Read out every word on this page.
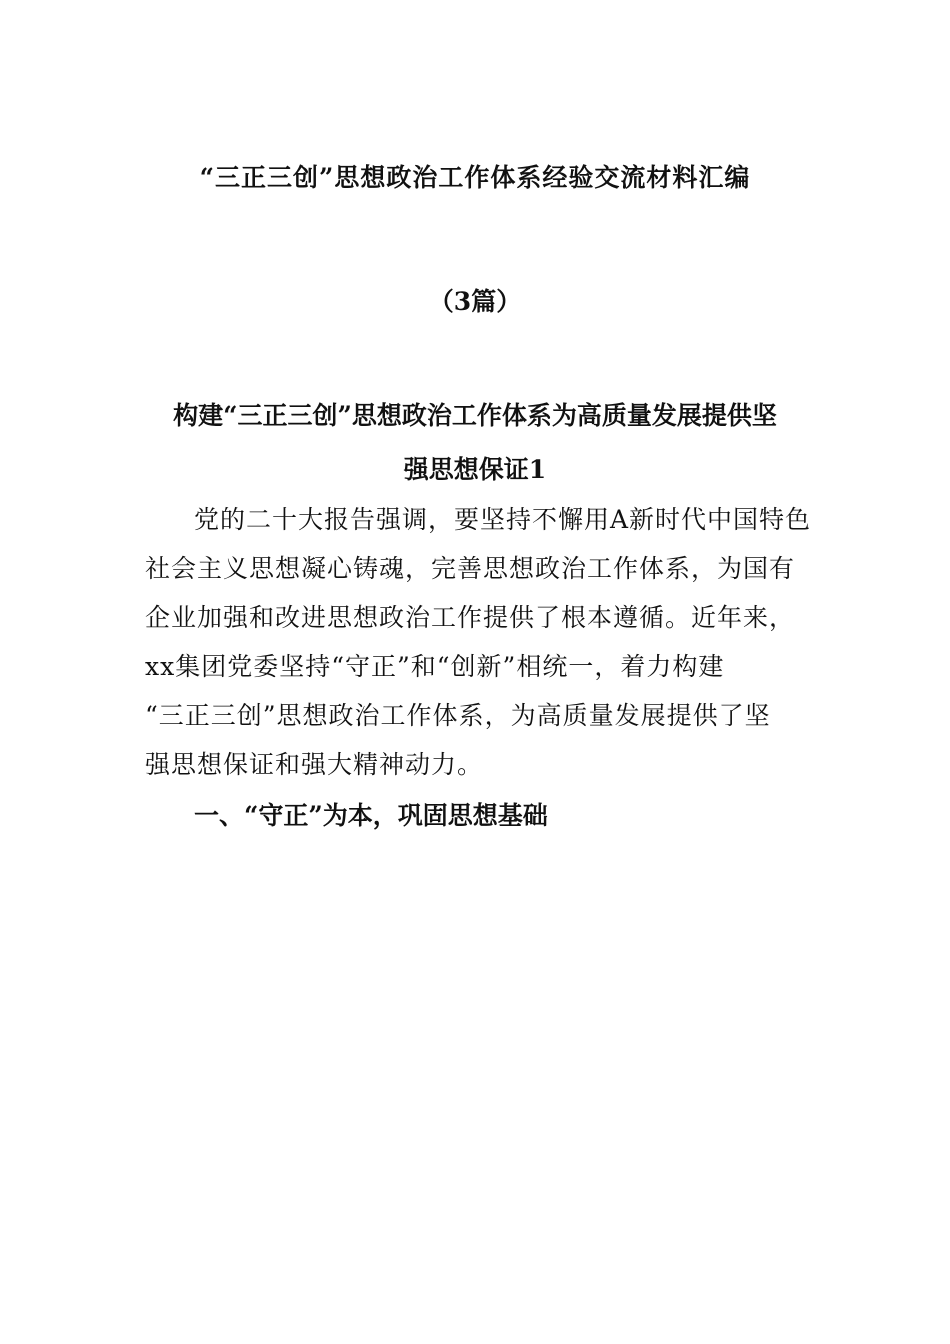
“三正三创”思想政治工作体系经验交流材料汇编
（3篇）
构建“三正三创”思想政治工作体系为高质量发展提供坚
强思想保证1
党的二十大报告强调，要坚持不懈用A新时代中国特色
社会主义思想凝心铸魂，完善思想政治工作体系，为国有
企业加强和改进思想政治工作提供了根本遵循。近年来，
xx集团党委坚持“守正”和“创新”相统一，着力构建
“三正三创”思想政治工作体系，为高质量发展提供了坚
强思想保证和强大精神动力。
一、“守正”为本，巩固思想基础
